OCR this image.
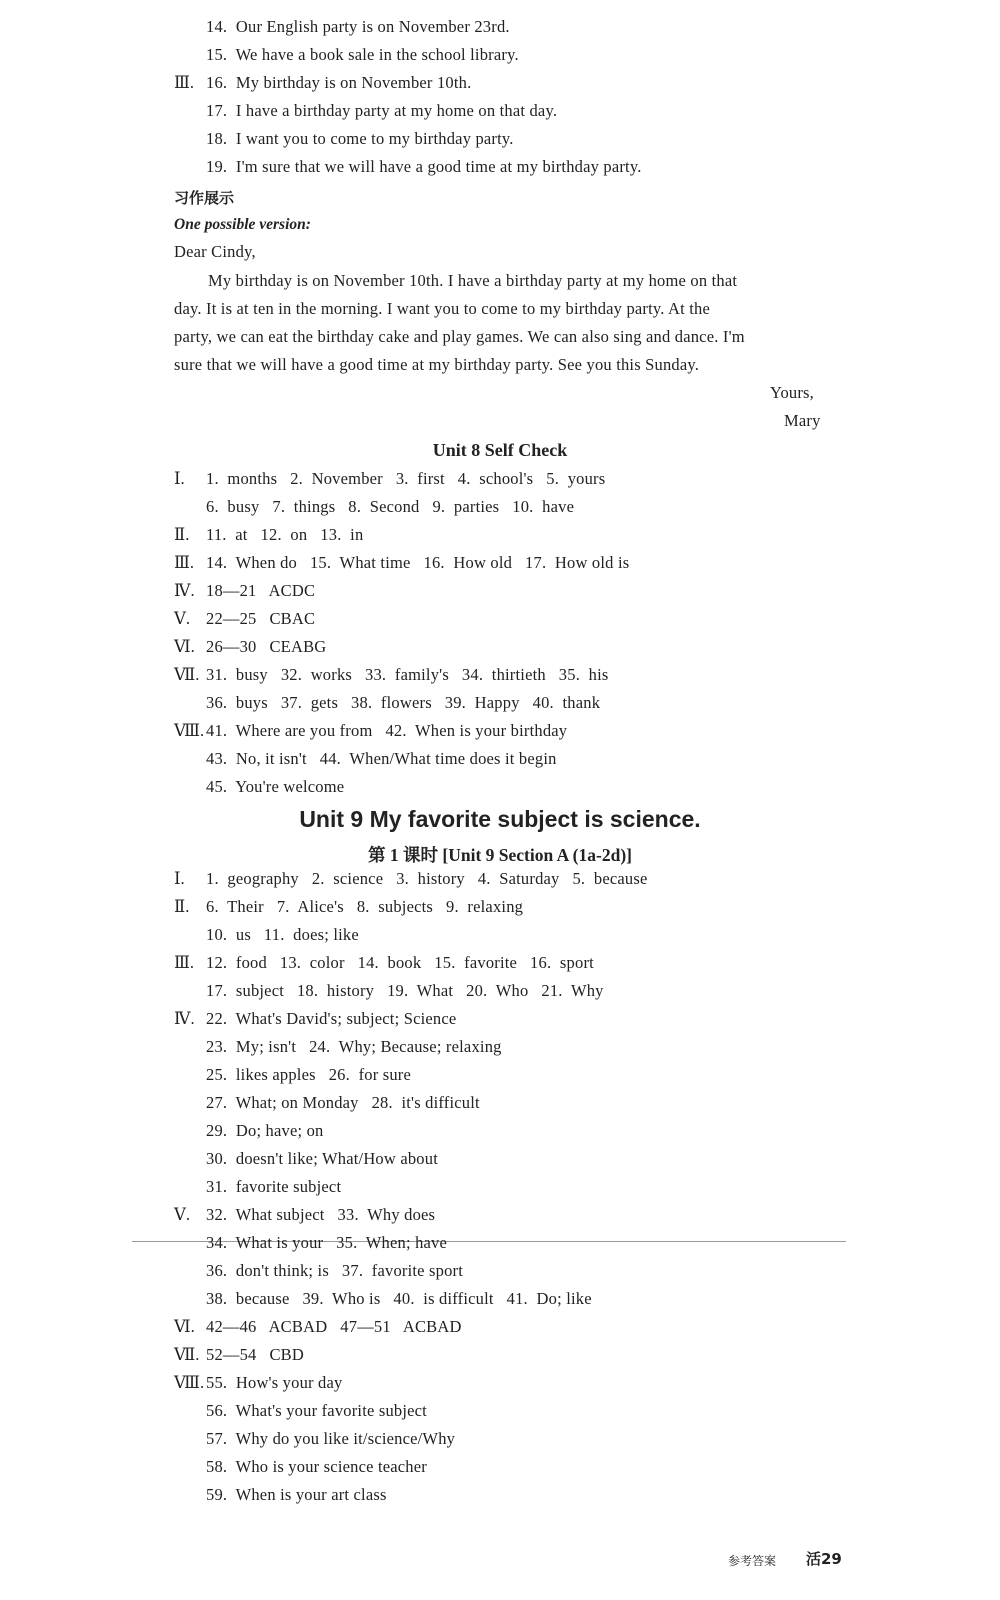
14.  Our English party is on November 23rd.
15.  We have a book sale in the school library.
Ⅲ. 16.  My birthday is on November 10th.
17.  I have a birthday party at my home on that day.
18.  I want you to come to my birthday party.
19.  I'm sure that we will have a good time at my birthday party.
习作展示
One possible version:
Dear Cindy,
My birthday is on November 10th. I have a birthday party at my home on that
day. It is at ten in the morning. I want you to come to my birthday party. At the
party, we can eat the birthday cake and play games. We can also sing and dance. I'm
sure that we will have a good time at my birthday party. See you this Sunday.
Yours,
Mary
Unit 8 Self Check
Ⅰ. 1.  months   2.  November   3.  first   4.  school's   5.  yours
6.  busy   7.  things   8.  Second   9.  parties   10.  have
Ⅱ. 11.  at   12.  on   13.  in
Ⅲ. 14.  When do   15.  What time   16.  How old   17.  How old is
Ⅳ. 18—21   ACDC
Ⅴ. 22—25   CBAC
Ⅵ. 26—30   CEABG
Ⅶ. 31.  busy   32.  works   33.  family's   34.  thirtieth   35.  his
36.  buys   37.  gets   38.  flowers   39.  Happy   40.  thank
Ⅷ. 41.  Where are you from   42.  When is your birthday
43.  No, it isn't   44.  When/What time does it begin
45.  You're welcome
Unit 9 My favorite subject is science.
第 1 课时 [Unit 9 Section A (1a-2d)]
Ⅰ. 1.  geography   2.  science   3.  history   4.  Saturday   5.  because
Ⅱ. 6.  Their   7.  Alice's   8.  subjects   9.  relaxing
10.  us   11.  does; like
Ⅲ. 12.  food   13.  color   14.  book   15.  favorite   16.  sport
17.  subject   18.  history   19.  What   20.  Who   21.  Why
Ⅳ. 22.  What's David's; subject; Science
23.  My; isn't   24.  Why; Because; relaxing
25.  likes apples   26.  for sure
27.  What; on Monday   28.  it's difficult
29.  Do; have; on
30.  doesn't like; What/How about
31.  favorite subject
Ⅴ. 32.  What subject   33.  Why does
34.  What is your   35.  When; have
36.  don't think; is   37.  favorite sport
38.  because   39.  Who is   40.  is difficult   41.  Do; like
Ⅵ. 42—46   ACBAD   47—51   ACBAD
Ⅶ. 52—54   CBD
Ⅷ. 55.  How's your day
56.  What's your favorite subject
57.  Why do you like it/science/Why
58.  Who is your science teacher
59.  When is your art class
参考答案 活29
